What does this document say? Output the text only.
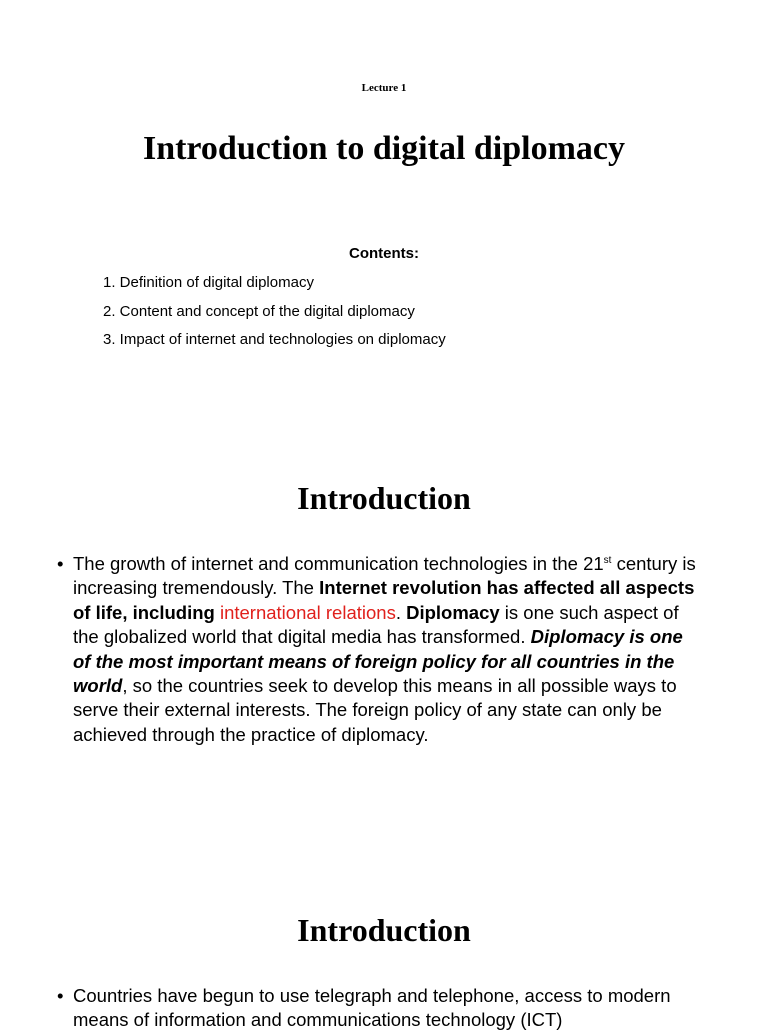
Lecture 1
Introduction to digital diplomacy
Contents:
1. Definition of digital diplomacy
2. Content and concept of the digital diplomacy
3. Impact of internet and technologies on diplomacy
Introduction
• The growth of internet and communication technologies in the 21st century is increasing tremendously. The Internet revolution has affected all aspects of life, including international relations. Diplomacy is one such aspect of the globalized world that digital media has transformed. Diplomacy is one of the most important means of foreign policy for all countries in the world, so the countries seek to develop this means in all possible ways to serve their external interests. The foreign policy of any state can only be achieved through the practice of diplomacy.
Introduction
• Countries have begun to use telegraph and telephone, access to modern means of information and communications technology (ICT)
